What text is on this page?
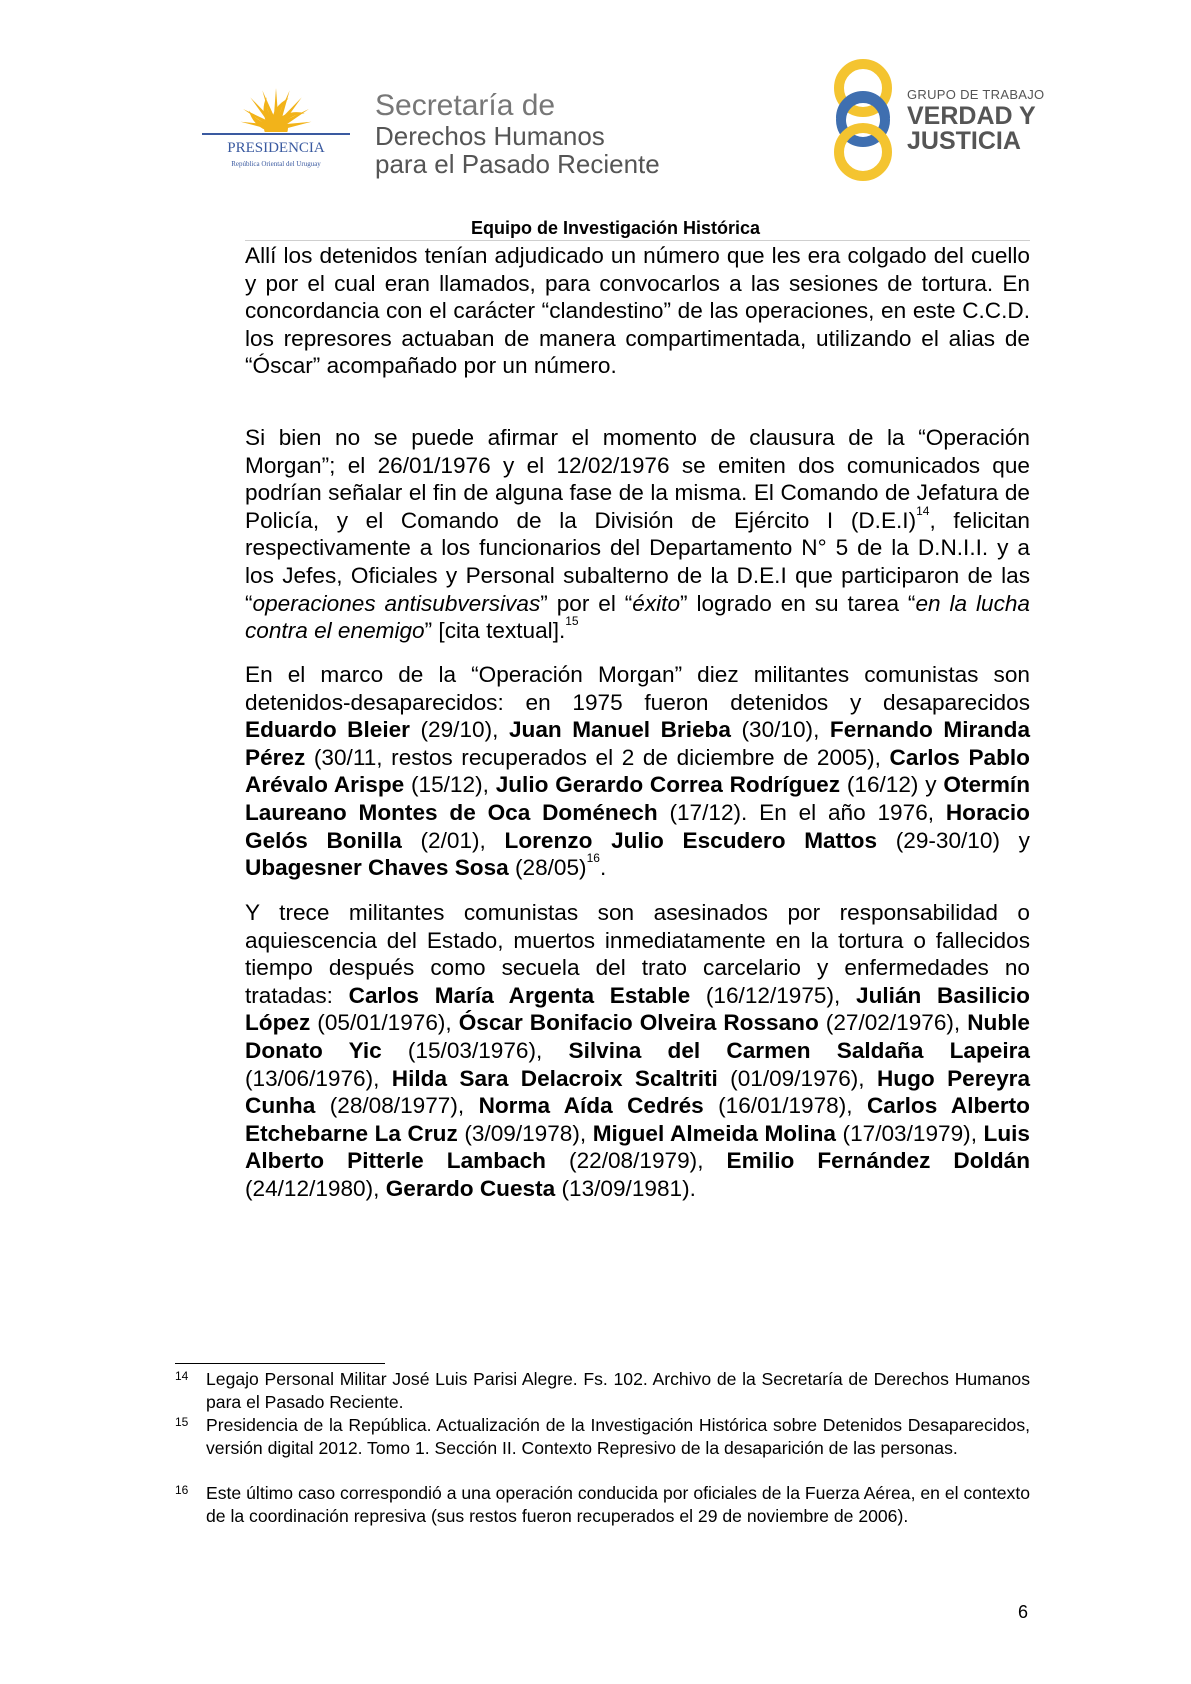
PRESIDENCIA
República Oriental del Uruguay
Secretaría de
Derechos Humanos
para el Pasado Reciente
GRUPO DE TRABAJO
VERDAD Y
JUSTICIA
Equipo de Investigación Histórica
Allí los detenidos tenían adjudicado un número que les era colgado del cuello y por el cual eran llamados, para convocarlos a las sesiones de tortura. En concordancia con el carácter “clandestino” de las operaciones, en este C.C.D. los represores actuaban de manera compartimentada, utilizando el alias de “Óscar” acompañado por un número.
Si bien no se puede afirmar el momento de clausura de la “Operación Morgan”; el 26/01/1976 y el 12/02/1976 se emiten dos comunicados que podrían señalar el fin de alguna fase de la misma. El Comando de Jefatura de Policía, y el Comando de la División de Ejército I $(D.E.I)^{14}$, felicitan respectivamente a los funcionarios del Departamento N° 5 de la D.N.I.I. y a los Jefes, Oficiales y Personal subalterno de la D.E.I que participaron de las “operaciones antisubversivas” por el “éxito” logrado en su tarea “en la lucha contra el enemigo” [cita textual].$^{15}$
En el marco de la “Operación Morgan” diez militantes comunistas son detenidos-desaparecidos: en 1975 fueron detenidos y desaparecidos Eduardo Bleier (29/10), Juan Manuel Brieba (30/10), Fernando Miranda Pérez (30/11, restos recuperados el 2 de diciembre de 2005), Carlos Pablo Arévalo Arispe (15/12), Julio Gerardo Correa Rodríguez (16/12) y Otermín Laureano Montes de Oca Doménech (17/12). En el año 1976, Horacio Gelós Bonilla (2/01), Lorenzo Julio Escudero Mattos (29-30/10) y Ubagesner Chaves Sosa $(28/05)^{16}$.
Y trece militantes comunistas son asesinados por responsabilidad o aquiescencia del Estado, muertos inmediatamente en la tortura o fallecidos tiempo después como secuela del trato carcelario y enfermedades no tratadas: Carlos María Argenta Estable (16/12/1975), Julián Basilicio López (05/01/1976), Óscar Bonifacio Olveira Rossano (27/02/1976), Nuble Donato Yic (15/03/1976), Silvina del Carmen Saldaña Lapeira (13/06/1976), Hilda Sara Delacroix Scaltriti (01/09/1976), Hugo Pereyra Cunha (28/08/1977), Norma Aída Cedrés (16/01/1978), Carlos Alberto Etchebarne La Cruz (3/09/1978), Miguel Almeida Molina (17/03/1979), Luis Alberto Pitterle Lambach (22/08/1979), Emilio Fernández Doldán (24/12/1980), Gerardo Cuesta (13/09/1981).
14 Legajo Personal Militar José Luis Parisi Alegre. Fs. 102. Archivo de la Secretaría de Derechos Humanos para el Pasado Reciente.
15 Presidencia de la República. Actualización de la Investigación Histórica sobre Detenidos Desaparecidos, versión digital 2012. Tomo 1. Sección II. Contexto Represivo de la desaparición de las personas.
16 Este último caso correspondió a una operación conducida por oficiales de la Fuerza Aérea, en el contexto de la coordinación represiva (sus restos fueron recuperados el 29 de noviembre de 2006).
6
